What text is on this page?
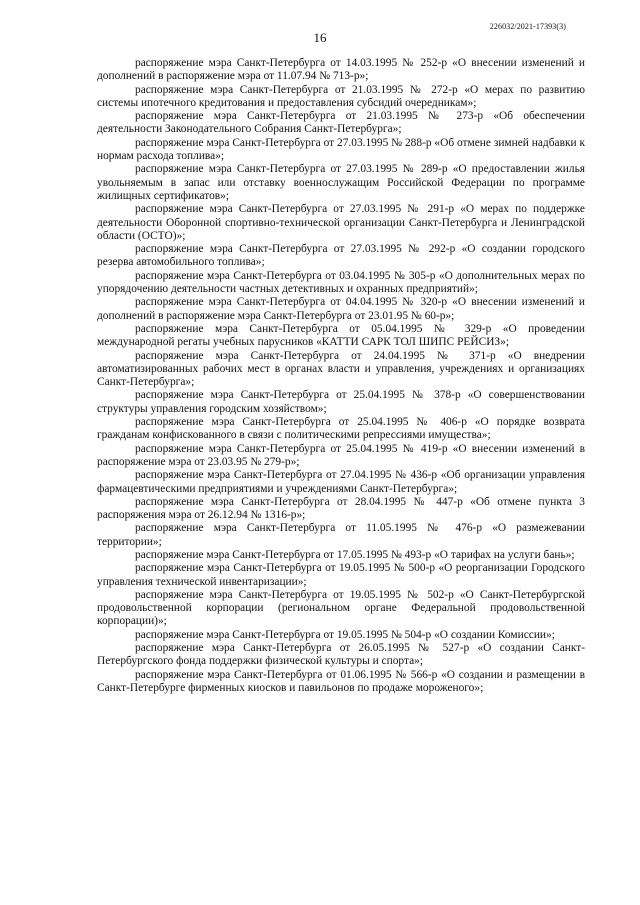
16
226032/2021-17393(3)

распоряжение мэра Санкт-Петербурга от 14.03.1995 № 252-р «О внесении изменений и дополнений в распоряжение мэра от 11.07.94 № 713-р»;

распоряжение мэра Санкт-Петербурга от 21.03.1995 № 272-р «О мерах по развитию системы ипотечного кредитования и предоставления субсидий очередникам»;

распоряжение мэра Санкт-Петербурга от 21.03.1995 № 273-р «Об обеспечении деятельности Законодательного Собрания Санкт-Петербурга»;

распоряжение мэра Санкт-Петербурга от 27.03.1995 № 288-р «Об отмене зимней надбавки к нормам расхода топлива»;

распоряжение мэра Санкт-Петербурга от 27.03.1995 № 289-р «О предоставлении жилья увольняемым в запас или отставку военнослужащим Российской Федерации по программе жилищных сертификатов»;

распоряжение мэра Санкт-Петербурга от 27.03.1995 № 291-р «О мерах по поддержке деятельности Оборонной спортивно-технической организации Санкт-Петербурга и Ленинградской области (ОСТО)»;

распоряжение мэра Санкт-Петербурга от 27.03.1995 № 292-р «О создании городского резерва автомобильного топлива»;

распоряжение мэра Санкт-Петербурга от 03.04.1995 № 305-р «О дополнительных мерах по упорядочению деятельности частных детективных и охранных предприятий»;

распоряжение мэра Санкт-Петербурга от 04.04.1995 № 320-р «О внесении изменений и дополнений в распоряжение мэра Санкт-Петербурга от 23.01.95 № 60-р»;

распоряжение мэра Санкт-Петербурга от 05.04.1995 № 329-р «О проведении международной регаты учебных парусников «КАТТИ САРК ТОЛ ШИПС РЕЙСИЗ»;

распоряжение мэра Санкт-Петербурга от 24.04.1995 № 371-р «О внедрении автоматизированных рабочих мест в органах власти и управления, учреждениях и организациях Санкт-Петербурга»;

распоряжение мэра Санкт-Петербурга от 25.04.1995 № 378-р «О совершенствовании структуры управления городским хозяйством»;

распоряжение мэра Санкт-Петербурга от 25.04.1995 № 406-р «О порядке возврата гражданам конфискованного в связи с политическими репрессиями имущества»;

распоряжение мэра Санкт-Петербурга от 25.04.1995 № 419-р «О внесении изменений в распоряжение мэра от 23.03.95 № 279-р»;

распоряжение мэра Санкт-Петербурга от 27.04.1995 № 436-р «Об организации управления фармацевтическими предприятиями и учреждениями Санкт-Петербурга»;

распоряжение мэра Санкт-Петербурга от 28.04.1995 № 447-р «Об отмене пункта 3 распоряжения мэра от 26.12.94 № 1316-р»;

распоряжение мэра Санкт-Петербурга от 11.05.1995 № 476-р «О размежевании территории»;

распоряжение мэра Санкт-Петербурга от 17.05.1995 № 493-р «О тарифах на услуги бань»;

распоряжение мэра Санкт-Петербурга от 19.05.1995 № 500-р «О реорганизации Городского управления технической инвентаризации»;

распоряжение мэра Санкт-Петербурга от 19.05.1995 № 502-р «О Санкт-Петербургской продовольственной корпорации (региональном органе Федеральной продовольственной корпорации)»;

распоряжение мэра Санкт-Петербурга от 19.05.1995 № 504-р «О создании Комиссии»;

распоряжение мэра Санкт-Петербурга от 26.05.1995 № 527-р «О создании Санкт-Петербургского фонда поддержки физической культуры и спорта»;

распоряжение мэра Санкт-Петербурга от 01.06.1995 № 566-р «О создании и размещении в Санкт-Петербурге фирменных киосков и павильонов по продаже мороженого»;
